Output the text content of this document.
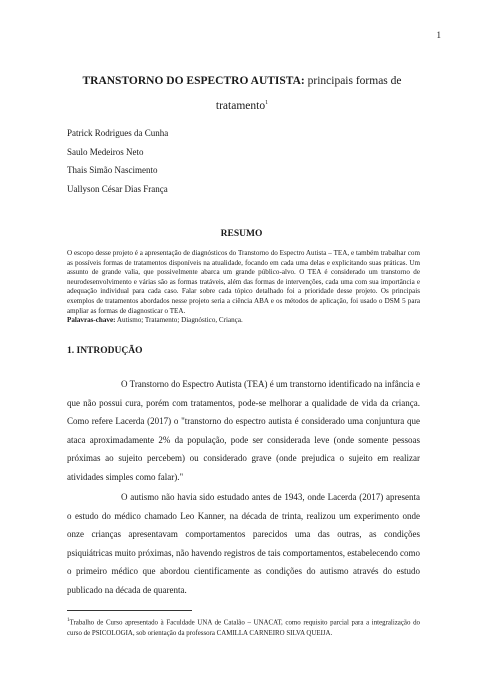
1
TRANSTORNO DO ESPECTRO AUTISTA: principais formas de tratamento$^1$
Patrick Rodrigues da Cunha
Saulo Medeiros Neto
Thais Simão Nascimento
Uallyson César Dias França
RESUMO
O escopo desse projeto é a apresentação de diagnósticos do Transtorno do Espectro Autista – TEA, e também trabalhar com as possíveis formas de tratamentos disponíveis na atualidade, focando em cada uma delas e explicitando suas práticas. Um assunto de grande valia, que possivelmente abarca um grande público-alvo. O TEA é considerado um transtorno de neurodesenvolvimento e várias são as formas tratáveis, além das formas de intervenções, cada uma com sua importância e adequação individual para cada caso. Falar sobre cada tópico detalhado foi a prioridade desse projeto. Os principais exemplos de tratamentos abordados nesse projeto seria a ciência ABA e os métodos de aplicação, foi usado o DSM 5 para ampliar as formas de diagnosticar o TEA.
Palavras-chave: Autismo; Tratamento; Diagnóstico, Criança.
1. INTRODUÇÃO

O Transtorno do Espectro Autista (TEA) é um transtorno identificado na infância e que não possui cura, porém com tratamentos, pode-se melhorar a qualidade de vida da criança. Como refere Lacerda (2017) o "transtorno do espectro autista é considerado uma conjuntura que ataca aproximadamente 2% da população, pode ser considerada leve (onde somente pessoas próximas ao sujeito percebem) ou considerado grave (onde prejudica o sujeito em realizar atividades simples como falar)."

O autismo não havia sido estudado antes de 1943, onde Lacerda (2017) apresenta o estudo do médico chamado Leo Kanner, na década de trinta, realizou um experimento onde onze crianças apresentavam comportamentos parecidos uma das outras, as condições psiquiátricas muito próximas, não havendo registros de tais comportamentos, estabelecendo como o primeiro médico que abordou cientificamente as condições do autismo através do estudo publicado na década de quarenta.

$^1$Trabalho de Curso apresentado à Faculdade UNA de Catalão – UNACAT, como requisito parcial para a integralização do curso de PSICOLOGIA, sob orientação da professora CAMILLA CARNEIRO SILVA QUEIJA.
